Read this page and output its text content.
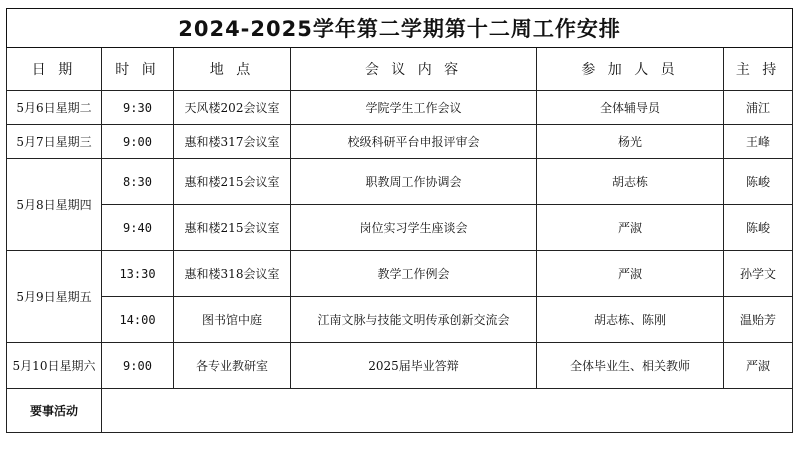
2024-2025学年第二学期第十二周工作安排					
日 期	时 间	地 点	会 议 内 容	参 加 人 员	主 持
5月6日星期二	9:30	天风楼202会议室	学院学生工作会议	全体辅导员	浦江
5月7日星期三	9:00	惠和楼317会议室	校级科研平台申报评审会	杨光	王峰
5月8日星期四	8:30	惠和楼215会议室	职教周工作协调会	胡志栋	陈峻
	9:40	惠和楼215会议室	岗位实习学生座谈会	严淑	陈峻
5月9日星期五	13:30	惠和楼318会议室	教学工作例会	严淑	孙学文
	14:00	图书馆中庭	江南文脉与技能文明传承创新交流会	胡志栋、陈刚	温贻芳
5月10日星期六	9:00	各专业教研室	2025届毕业答辩	全体毕业生、相关教师	严淑
要事活动					
